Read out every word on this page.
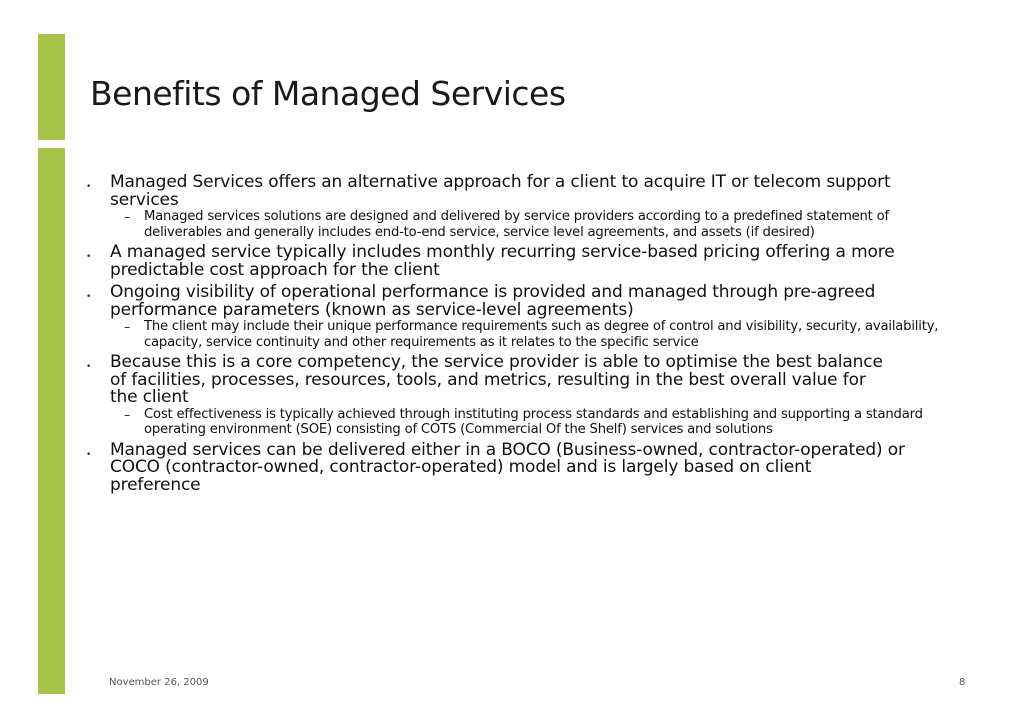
Benefits of Managed Services
• Managed Services offers an alternative approach for a client to acquire IT or telecom support services
– Managed services solutions are designed and delivered by service providers according to a predefined statement of deliverables and generally includes end-to-end service, service level agreements, and assets (if desired)
• A managed service typically includes monthly recurring service-based pricing offering a more predictable cost approach for the client
• Ongoing visibility of operational performance is provided and managed through pre-agreed performance parameters (known as service-level agreements)
– The client may include their unique performance requirements such as degree of control and visibility, security, availability, capacity, service continuity and other requirements as it relates to the specific service
• Because this is a core competency, the service provider is able to optimise the best balance of facilities, processes, resources, tools, and metrics, resulting in the best overall value for the client
– Cost effectiveness is typically achieved through instituting process standards and establishing and supporting a standard operating environment (SOE) consisting of COTS (Commercial Of the Shelf) services and solutions
• Managed services can be delivered either in a BOCO (Business-owned, contractor-operated) or COCO (contractor-owned, contractor-operated) model and is largely based on client preference
November 26, 2009	8
